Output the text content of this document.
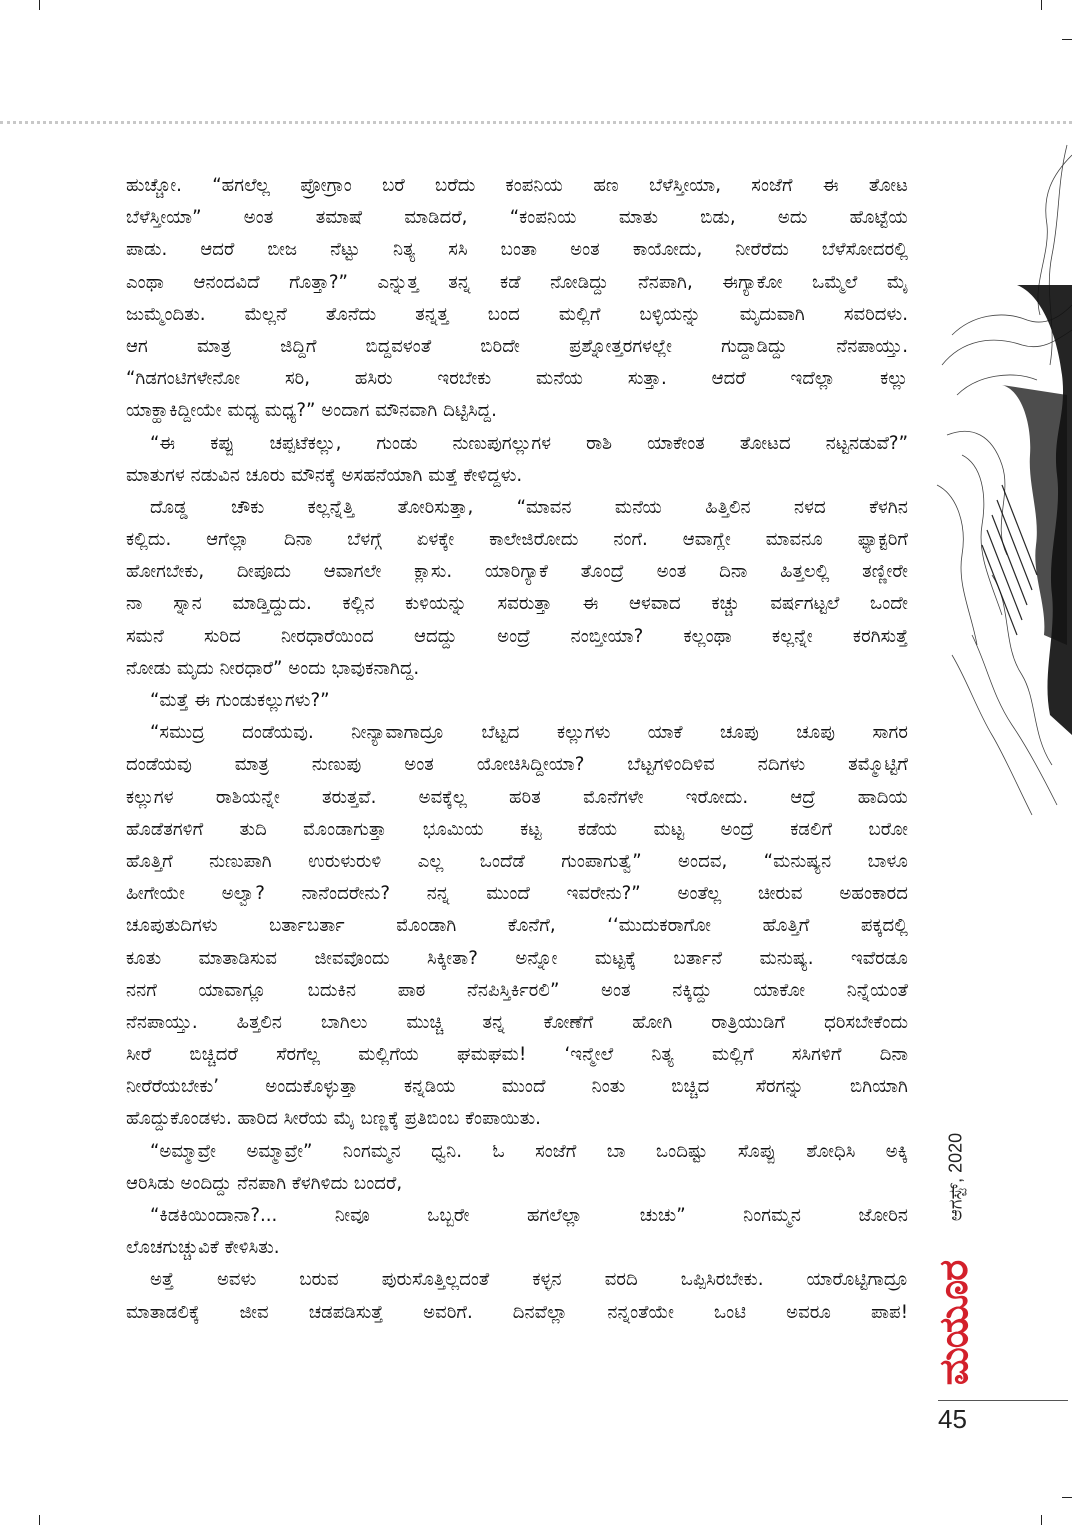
ಹುಚ್ಚೋ. “ಹಗಲೆಲ್ಲ ಪ್ರೋಗ್ರಾಂ ಬರೆ ಬರೆದು ಕಂಪನಿಯ ಹಣ ಬೆಳೆಸ್ತೀಯಾ, ಸಂಜೆಗೆ ಈ ತೋಟ
ಬೆಳೆಸ್ತೀಯಾ” ಅಂತ ತಮಾಷೆ ಮಾಡಿದರೆ, “ಕಂಪನಿಯ ಮಾತು ಬಿಡು, ಅದು ಹೊಟ್ಟೆಯ
ಪಾಡು. ಆದರೆ ಬೀಜ ನೆಟ್ಟು ನಿತ್ಯ ಸಸಿ ಬಂತಾ ಅಂತ ಕಾಯೋದು, ನೀರೆರೆದು ಬೆಳೆಸೋದರಲ್ಲಿ
ಎಂಥಾ ಆನಂದವಿದೆ ಗೊತ್ತಾ?” ಎನ್ನುತ್ತ ತನ್ನ ಕಡೆ ನೋಡಿದ್ದು ನೆನಪಾಗಿ, ಈಗ್ಯಾಕೋ ಒಮ್ಮೆಲೆ ಮೈ
ಜುಮ್ಮೆಂದಿತು. ಮೆಲ್ಲನೆ ತೊನೆದು ತನ್ನತ್ತ ಬಂದ ಮಲ್ಲಿಗೆ ಬಳ್ಳಿಯನ್ನು ಮೃದುವಾಗಿ ಸವರಿದಳು.
ಆಗ ಮಾತ್ರ ಜಿದ್ದಿಗೆ ಬಿದ್ದವಳಂತೆ ಬಿರಿದೇ ಪ್ರಶ್ನೋತ್ತರಗಳಲ್ಲೇ ಗುದ್ದಾಡಿದ್ದು ನೆನಪಾಯ್ತು.
“ಗಿಡಗಂಟಿಗಳೇನೋ ಸರಿ, ಹಸಿರು ಇರಬೇಕು ಮನೆಯ ಸುತ್ತಾ. ಆದರೆ ಇದೆಲ್ಲಾ ಕಲ್ಲು
ಯಾಕ್ಹಾಕಿದ್ದೀಯೇ ಮಧ್ಯ ಮಧ್ಯ?” ಅಂದಾಗ ಮೌನವಾಗಿ ದಿಟ್ಟಿಸಿದ್ದ.
“ಈ ಕಪ್ಪು ಚಪ್ಪಟೆಕಲ್ಲು, ಗುಂಡು ನುಣುಪುಗಲ್ಲುಗಳ ರಾಶಿ ಯಾಕೇಂತ ತೋಟದ ನಟ್ಟನಡುವೆ?”
ಮಾತುಗಳ ನಡುವಿನ ಚೂರು ಮೌನಕ್ಕೆ ಅಸಹನೆಯಾಗಿ ಮತ್ತೆ ಕೇಳಿದ್ದಳು.
ದೊಡ್ಡ ಚೌಕು ಕಲ್ಲನ್ನೆತ್ತಿ ತೋರಿಸುತ್ತಾ, “ಮಾವನ ಮನೆಯ ಹಿತ್ತಿಲಿನ ನಳದ ಕೆಳಗಿನ
ಕಲ್ಲಿದು. ಆಗೆಲ್ಲಾ ದಿನಾ ಬೆಳಗ್ಗೆ ಏಳಕ್ಕೇ ಕಾಲೇಜಿರೋದು ನಂಗೆ. ಆವಾಗ್ಲೇ ಮಾವನೂ ಫ್ಯಾಕ್ಟರಿಗೆ
ಹೋಗಬೇಕು, ದೀಪೂದು ಆವಾಗಲೇ ಕ್ಲಾಸು. ಯಾರಿಗ್ಯಾಕೆ ತೊಂದ್ರೆ ಅಂತ ದಿನಾ ಹಿತ್ತಲಲ್ಲಿ ತಣ್ಣೀರೇ
ನಾ ಸ್ನಾನ ಮಾಡ್ತಿದ್ದುದು. ಕಲ್ಲಿನ ಕುಳಿಯನ್ನು ಸವರುತ್ತಾ ಈ ಆಳವಾದ ಕಚ್ಚು ವರ್ಷಗಟ್ಟಲೆ ಒಂದೇ
ಸಮನೆ ಸುರಿದ ನೀರಧಾರೆಯಿಂದ ಆದದ್ದು ಅಂದ್ರೆ ನಂಬ್ತೀಯಾ? ಕಲ್ಲಂಥಾ ಕಲ್ಲನ್ನೇ ಕರಗಿಸುತ್ತೆ
ನೋಡು ಮೃದು ನೀರಧಾರೆ” ಅಂದು ಭಾವುಕನಾಗಿದ್ದ.
“ಮತ್ತೆ ಈ ಗುಂಡುಕಲ್ಲುಗಳು?”
“ಸಮುದ್ರ ದಂಡೆಯವು. ನೀನ್ಯಾವಾಗಾದ್ರೂ ಬೆಟ್ಟದ ಕಲ್ಲುಗಳು ಯಾಕೆ ಚೂಪು ಚೂಪು ಸಾಗರ
ದಂಡೆಯವು ಮಾತ್ರ ನುಣುಪು ಅಂತ ಯೋಚಿಸಿದ್ದೀಯಾ? ಬೆಟ್ಟಗಳಿಂದಿಳಿವ ನದಿಗಳು ತಮ್ಮೊಟ್ಟಿಗೆ
ಕಲ್ಲುಗಳ ರಾಶಿಯನ್ನೇ ತರುತ್ತವೆ. ಅವಕ್ಕೆಲ್ಲ ಹರಿತ ಮೊನೆಗಳೇ ಇರೋದು. ಆದ್ರೆ ಹಾದಿಯ
ಹೊಡೆತಗಳಿಗೆ ತುದಿ ಮೊಂಡಾಗುತ್ತಾ ಭೂಮಿಯ ಕಟ್ಟ ಕಡೆಯ ಮಟ್ಟ ಅಂದ್ರೆ ಕಡಲಿಗೆ ಬರೋ
ಹೊತ್ತಿಗೆ ನುಣುಪಾಗಿ ಉರುಳುರುಳಿ ಎಲ್ಲ ಒಂದೆಡೆ ಗುಂಪಾಗುತ್ವೆ” ಅಂದವ, “ಮನುಷ್ಯನ ಬಾಳೂ
ಹೀಗೇಯೇ ಅಲ್ವಾ? ನಾನೆಂದರೇನು? ನನ್ನ ಮುಂದೆ ಇವರೇನು?” ಅಂತೆಲ್ಲ ಚೀರುವ ಅಹಂಕಾರದ
ಚೂಪುತುದಿಗಳು ಬರ್ತಾಬರ್ತಾ ಮೊಂಡಾಗಿ ಕೊನೆಗೆ, ‘‘ಮುದುಕರಾಗೋ ಹೊತ್ತಿಗೆ ಪಕ್ಕದಲ್ಲಿ
ಕೂತು ಮಾತಾಡಿಸುವ ಜೀವವೊಂದು ಸಿಕ್ಕೀತಾ? ಅನ್ನೋ ಮಟ್ಟಕ್ಕೆ ಬರ್ತಾನೆ ಮನುಷ್ಯ. ಇವೆರಡೂ
ನನಗೆ ಯಾವಾಗ್ಲೂ ಬದುಕಿನ ಪಾಠ ನೆನಪಿಸ್ತಿರ್ಕಿರಲಿ” ಅಂತ ನಕ್ಕಿದ್ದು ಯಾಕೋ ನಿನ್ನೆಯಂತೆ
ನೆನಪಾಯ್ತು. ಹಿತ್ತಲಿನ ಬಾಗಿಲು ಮುಚ್ಚಿ ತನ್ನ ಕೋಣೆಗೆ ಹೋಗಿ ರಾತ್ರಿಯುಡಿಗೆ ಧರಿಸಬೇಕೆಂದು
ಸೀರೆ ಬಿಚ್ಚಿದರೆ ಸೆರಗೆಲ್ಲ ಮಲ್ಲಿಗೆಯ ಘಮಘಮ! ‘ಇನ್ಮೇಲೆ ನಿತ್ಯ ಮಲ್ಲಿಗೆ ಸಸಿಗಳಿಗೆ ದಿನಾ
ನೀರೆರೆಯಬೇಕು’ ಅಂದುಕೊಳ್ಳುತ್ತಾ ಕನ್ನಡಿಯ ಮುಂದೆ ನಿಂತು ಬಿಚ್ಚಿದ ಸೆರಗನ್ನು ಬಿಗಿಯಾಗಿ
ಹೊದ್ದುಕೊಂಡಳು. ಹಾರಿದ ಸೀರೆಯ ಮೈ ಬಣ್ಣಕ್ಕೆ ಪ್ರತಿಬಿಂಬ ಕೆಂಪಾಯಿತು.
“ಅಮ್ಮಾವ್ರೇ ಅಮ್ಮಾವ್ರೇ” ನಿಂಗಮ್ಮನ ಧ್ವನಿ. ಓ ಸಂಜೆಗೆ ಬಾ ಒಂದಿಷ್ಟು ಸೊಪ್ಪು ಶೋಧಿಸಿ ಅಕ್ಕಿ
ಆರಿಸಿಡು ಅಂದಿದ್ದು ನೆನಪಾಗಿ ಕೆಳಗಿಳಿದು ಬಂದರೆ,
“ಕಿಡಕಿಯಿಂದಾನಾ?... ನೀವೂ ಒಬ್ಬರೇ ಹಗಲೆಲ್ಲಾ ಚುಚು” ನಿಂಗಮ್ಮನ ಜೋರಿನ
ಲೊಚಗುಚ್ಚುವಿಕೆ ಕೇಳಿಸಿತು.
ಅತ್ತೆ ಅವಳು ಬರುವ ಪುರುಸೊತ್ತಿಲ್ಲದಂತೆ ಕಳ್ಳನ ವರದಿ ಒಪ್ಪಿಸಿರಬೇಕು. ಯಾರೊಟ್ಟಿಗಾದ್ರೂ
ಮಾತಾಡಲಿಕ್ಕೆ ಜೀವ ಚಡಪಡಿಸುತ್ತೆ ಅವರಿಗೆ. ದಿನವೆಲ್ಲಾ ನನ್ನಂತೆಯೇ ಒಂಟಿ ಅವರೂ ಪಾಪ!
ಆಗಸ್ಟ್, 2020
ಮಯೂರ
45
